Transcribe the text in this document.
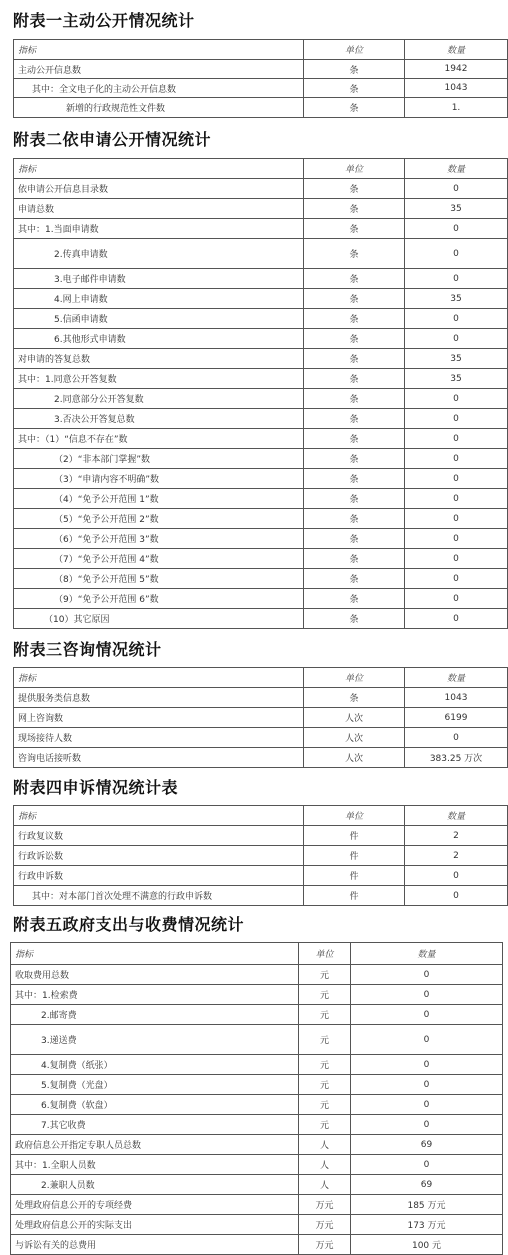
附表一主动公开情况统计
指标	单位	数量
主动公开信息数	条	1942
其中：全文电子化的主动公开信息数	条	1043
新增的行政规范性文件数	条	1.
附表二依申请公开情况统计
指标	单位	数量
依申请公开信息目录数	条	0
申请总数	条	35
其中：1.当面申请数	条	0
2.传真申请数	条	0
3.电子邮件申请数	条	0
4.网上申请数	条	35
5.信函申请数	条	0
6.其他形式申请数	条	0
对申请的答复总数	条	35
其中：1.同意公开答复数	条	35
2.同意部分公开答复数	条	0
3.否决公开答复总数	条	0
其中：（1）“信息不存在”数	条	0
（2）“非本部门掌握”数	条	0
（3）“申请内容不明确”数	条	0
（4）“免予公开范围 1”数	条	0
（5）“免予公开范围 2”数	条	0
（6）“免予公开范围 3”数	条	0
（7）“免予公开范围 4”数	条	0
（8）“免予公开范围 5”数	条	0
（9）“免予公开范围 6”数	条	0
（10）其它原因	条	0
附表三咨询情况统计
指标	单位	数量
提供服务类信息数	条	1043
网上咨询数	人次	6199
现场接待人数	人次	0
咨询电话接听数	人次	383.25 万次
附表四申诉情况统计表
指标	单位	数量
行政复议数	件	2
行政诉讼数	件	2
行政申诉数	件	0
其中：对本部门首次处理不满意的行政申诉数	件	0
附表五政府支出与收费情况统计
指标	单位	数量
收取费用总数	元	0
其中：1.检索费	元	0
2.邮寄费	元	0
3.递送费	元	0
4.复制费（纸张）	元	0
5.复制费（光盘）	元	0
6.复制费（软盘）	元	0
7.其它收费	元	0
政府信息公开指定专职人员总数	人	69
其中：1.全职人员数	人	0
2.兼职人员数	人	69
处理政府信息公开的专项经费	万元	185 万元
处理政府信息公开的实际支出	万元	173 万元
与诉讼有关的总费用	万元	100 元
